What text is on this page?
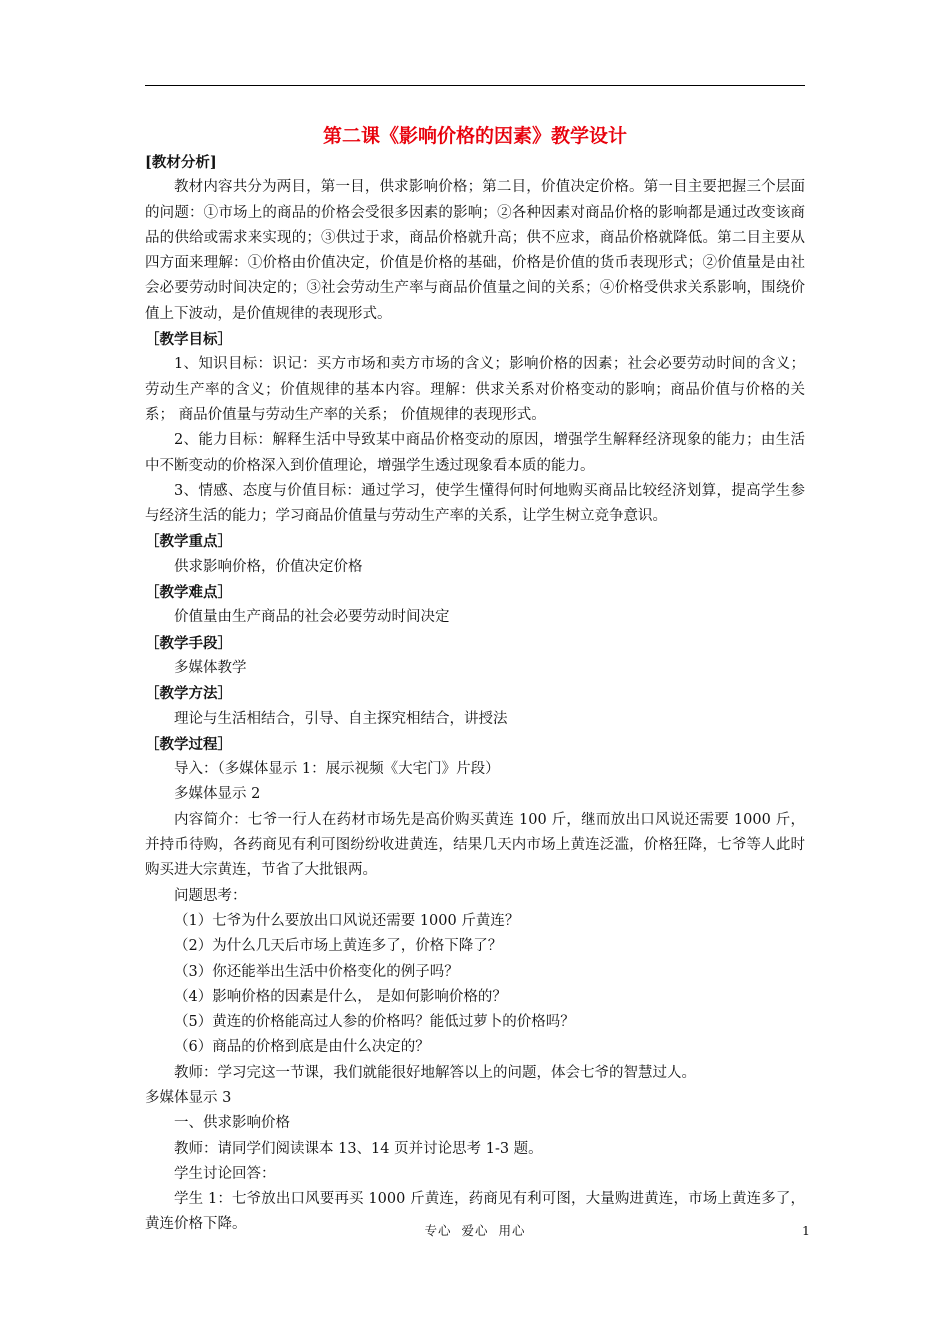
第二课《影响价格的因素》教学设计

[教材分析]

教材内容共分为两目，第一目，供求影响价格；第二目，价值决定价格。第一目主要把握三个层面的问题：①市场上的商品的价格会受很多因素的影响；②各种因素对商品价格的影响都是通过改变该商品的供给或需求来实现的；③供过于求，商品价格就升高；供不应求，商品价格就降低。第二目主要从四方面来理解：①价格由价值决定，价值是价格的基础，价格是价值的货币表现形式；②价值量是由社会必要劳动时间决定的；③社会劳动生产率与商品价值量之间的关系；④价格受供求关系影响，围绕价值上下波动，是价值规律的表现形式。

［教学目标］

1、知识目标：识记：买方市场和卖方市场的含义；影响价格的因素；社会必要劳动时间的含义；劳动生产率的含义；价值规律的基本内容。理解：供求关系对价格变动的影响；商品价值与价格的关系； 商品价值量与劳动生产率的关系； 价值规律的表现形式。

2、能力目标：解释生活中导致某中商品价格变动的原因，增强学生解释经济现象的能力；由生活中不断变动的价格深入到价值理论，增强学生透过现象看本质的能力。

3、情感、态度与价值目标：通过学习，使学生懂得何时何地购买商品比较经济划算，提高学生参与经济生活的能力；学习商品价值量与劳动生产率的关系，让学生树立竞争意识。

［教学重点］

供求影响价格，价值决定价格

［教学难点］

价值量由生产商品的社会必要劳动时间决定

［教学手段］

多媒体教学

［教学方法］

理论与生活相结合，引导、自主探究相结合，讲授法

［教学过程］

导入：（多媒体显示 1：展示视频《大宅门》片段）

多媒体显示 2

内容简介：七爷一行人在药材市场先是高价购买黄连 100 斤，继而放出口风说还需要 1000 斤，并持币待购，各药商见有利可图纷纷收进黄连，结果几天内市场上黄连泛滥，价格狂降，七爷等人此时购买进大宗黄连，节省了大批银两。

问题思考：

（1）七爷为什么要放出口风说还需要 1000 斤黄连？

（2）为什么几天后市场上黄连多了，价格下降了？

（3）你还能举出生活中价格变化的例子吗？

（4）影响价格的因素是什么， 是如何影响价格的？

（5）黄连的价格能高过人参的价格吗？能低过萝卜的价格吗？

（6）商品的价格到底是由什么决定的？

教师：学习完这一节课，我们就能很好地解答以上的问题，体会七爷的智慧过人。

多媒体显示 3

一、供求影响价格

教师：请同学们阅读课本 13、14 页并讨论思考 1-3 题。

学生讨论回答：

学生 1：七爷放出口风要再买 1000 斤黄连，药商见有利可图，大量购进黄连，市场上黄连多了，黄连价格下降。	专心  爱心  用心	1
